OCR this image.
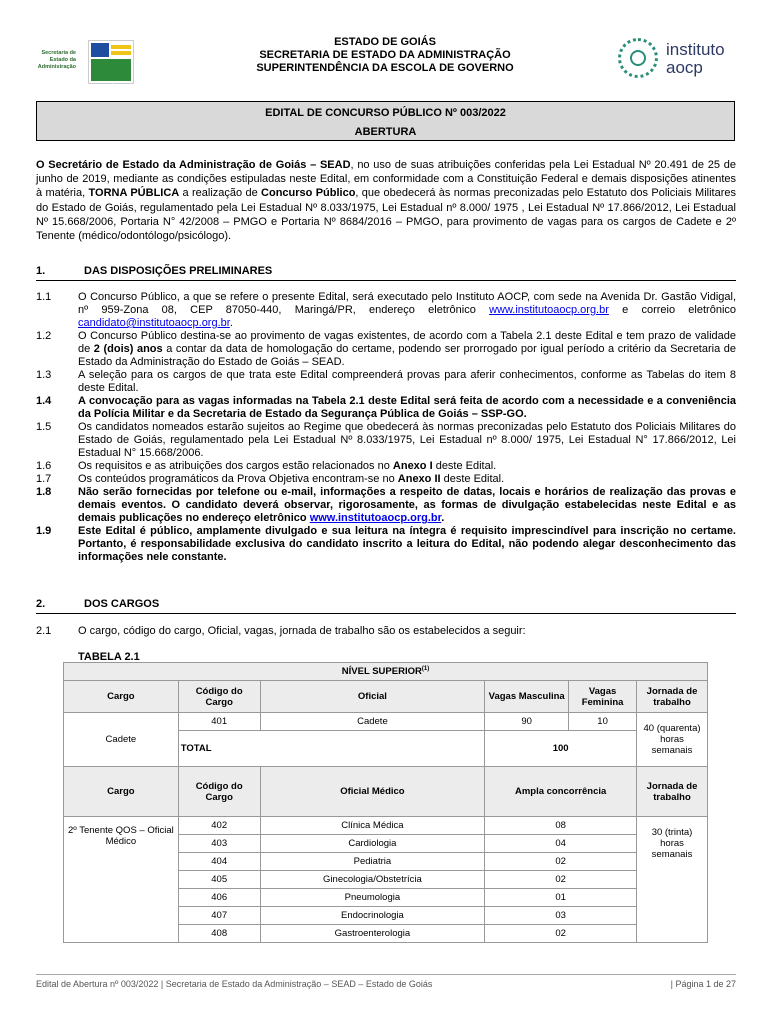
Secretaria de Estado da Administração
GOIÁS
ESTADO DE GOIÁS
SECRETARIA DE ESTADO DA ADMINISTRAÇÃO
SUPERINTENDÊNCIA DA ESCOLA DE GOVERNO
instituto
aocp
EDITAL DE CONCURSO PÚBLICO Nº 003/2022
ABERTURA
O Secretário de Estado da Administração de Goiás – SEAD, no uso de suas atribuições conferidas pela Lei Estadual Nº 20.491 de 25 de junho de 2019, mediante as condições estipuladas neste Edital, em conformidade com a Constituição Federal e demais disposições atinentes à matéria, TORNA PÚBLICA a realização de Concurso Público, que obedecerá às normas preconizadas pelo Estatuto dos Policiais Militares do Estado de Goiás, regulamentado pela Lei Estadual Nº 8.033/1975, Lei Estadual nº 8.000/ 1975 , Lei Estadual Nº 17.866/2012, Lei Estadual Nº 15.668/2006, Portaria N° 42/2008 – PMGO e Portaria Nº 8684/2016 – PMGO, para provimento de vagas para os cargos de Cadete e 2º Tenente (médico/odontólogo/psicólogo).
1.	DAS DISPOSIÇÕES PRELIMINARES
1.1	O Concurso Público, a que se refere o presente Edital, será executado pelo Instituto AOCP, com sede na Avenida Dr. Gastão Vidigal, nº 959-Zona 08, CEP 87050-440, Maringá/PR, endereço eletrônico www.institutoaocp.org.br e correio eletrônico candidato@institutoaocp.org.br.
1.2	O Concurso Público destina-se ao provimento de vagas existentes, de acordo com a Tabela 2.1 deste Edital e tem prazo de validade de 2 (dois) anos a contar da data de homologação do certame, podendo ser prorrogado por igual período a critério da Secretaria de Estado da Administração do Estado de Goiás – SEAD.
1.3	A seleção para os cargos de que trata este Edital compreenderá provas para aferir conhecimentos, conforme as Tabelas do item 8 deste Edital.
1.4	A convocação para as vagas informadas na Tabela 2.1 deste Edital será feita de acordo com a necessidade e a conveniência da Polícia Militar e da Secretaria de Estado da Segurança Pública de Goiás – SSP-GO.
1.5	Os candidatos nomeados estarão sujeitos ao Regime que obedecerá às normas preconizadas pelo Estatuto dos Policiais Militares do Estado de Goiás, regulamentado pela Lei Estadual Nº 8.033/1975, Lei Estadual nº 8.000/ 1975, Lei Estadual N° 17.866/2012, Lei Estadual N° 15.668/2006.
1.6	Os requisitos e as atribuições dos cargos estão relacionados no Anexo I deste Edital.
1.7	Os conteúdos programáticos da Prova Objetiva encontram-se no Anexo II deste Edital.
1.8	Não serão fornecidas por telefone ou e-mail, informações a respeito de datas, locais e horários de realização das provas e demais eventos. O candidato deverá observar, rigorosamente, as formas de divulgação estabelecidas neste Edital e as demais publicações no endereço eletrônico www.institutoaocp.org.br.
1.9	Este Edital é público, amplamente divulgado e sua leitura na íntegra é requisito imprescindível para inscrição no certame. Portanto, é responsabilidade exclusiva do candidato inscrito a leitura do Edital, não podendo alegar desconhecimento das informações nele constante.
2.	DOS CARGOS
2.1	O cargo, código do cargo, Oficial, vagas, jornada de trabalho são os estabelecidos a seguir:
TABELA 2.1
NÍVEL SUPERIOR$^{(1)}$
Cargo	Código do Cargo	Oficial	Vagas Masculina	Vagas Feminina	Jornada de trabalho
Cadete	401	Cadete	90	10	40 (quarenta) horas semanais
	TOTAL		100		
Cargo	Código do Cargo	Oficial Médico	Ampla concorrência		Jornada de trabalho
2º Tenente QOS – Oficial Médico	402	Clínica Médica	08		30 (trinta) horas semanais
	403	Cardiologia	04		
	404	Pediatria	02		
	405	Ginecologia/Obstetrícia	02		
	406	Pneumologia	01		
	407	Endocrinologia	03		
	408	Gastroenterologia	02		
Edital de Abertura nº 003/2022 | Secretaria de Estado da Administração – SEAD – Estado de Goiás	| Página 1 de 27
